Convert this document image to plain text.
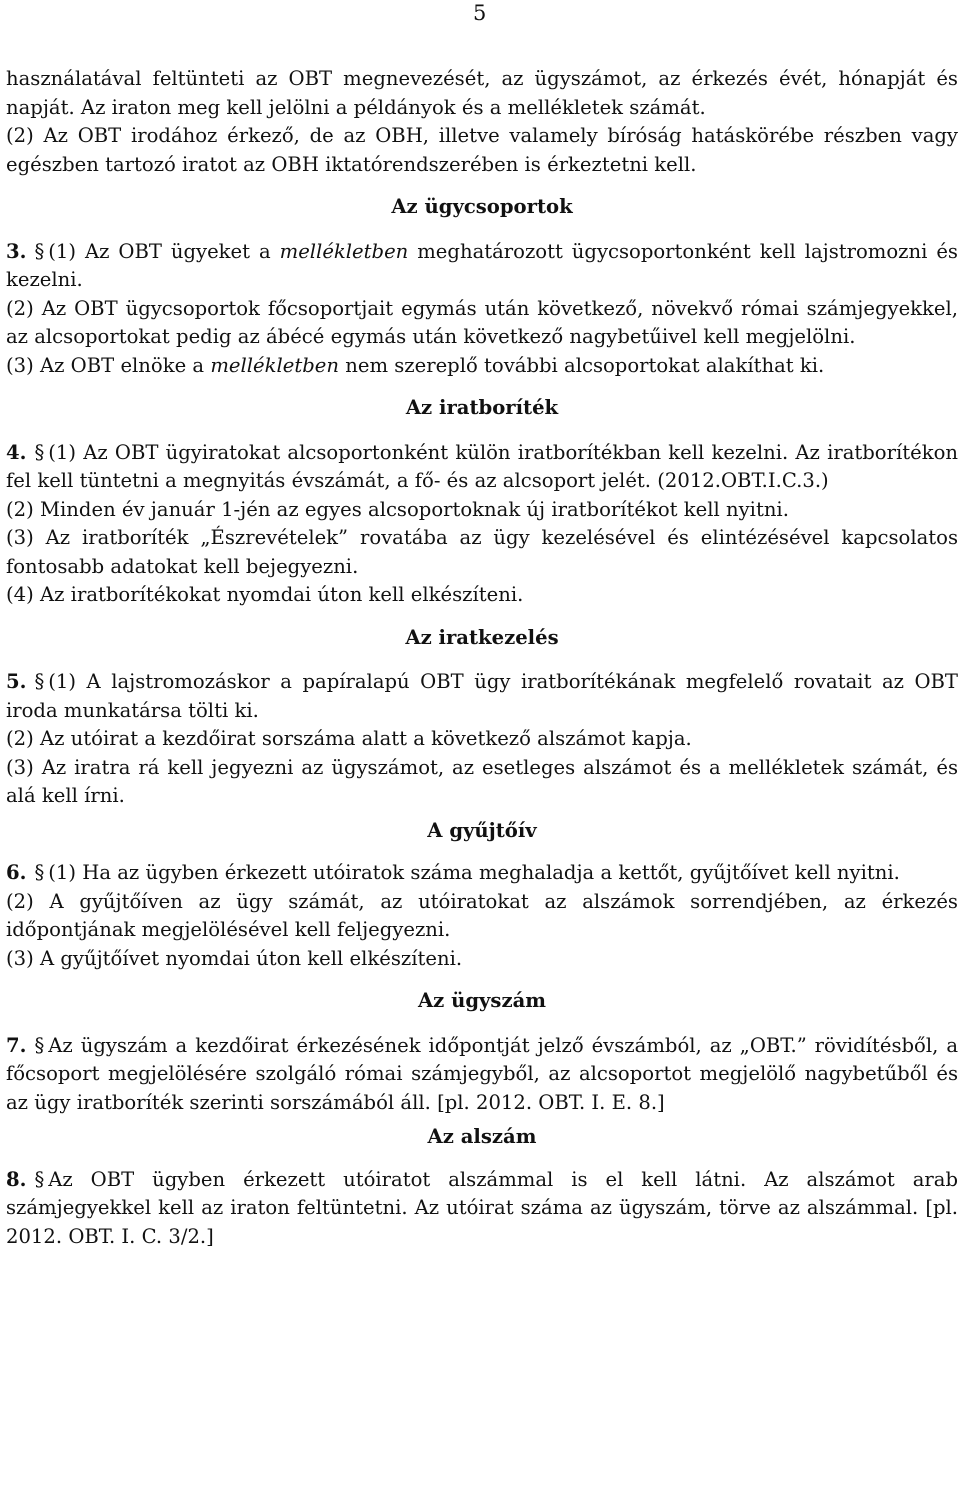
5

használatával feltünteti az OBT megnevezését, az ügyszámot, az érkezés évét, hónapját és napját. Az iraton meg kell jelölni a példányok és a mellékletek számát.

(2) Az OBT irodához érkező, de az OBH, illetve valamely bíróság hatáskörébe részben vagy egészben tartozó iratot az OBH iktatórendszerében is érkeztetni kell.

Az ügycsoportok

3. § (1) Az OBT ügyeket a mellékletben meghatározott ügycsoportonként kell lajstromozni és kezelni.

(2) Az OBT ügycsoportok főcsoportjait egymás után következő, növekvő római számjegyekkel, az alcsoportokat pedig az ábécé egymás után következő nagybetűivel kell megjelölni.

(3) Az OBT elnöke a mellékletben nem szereplő további alcsoportokat alakíthat ki.

Az iratboríték

4. § (1) Az OBT ügyiratokat alcsoportonként külön iratborítékban kell kezelni. Az iratborítékon fel kell tüntetni a megnyitás évszámát, a fő- és az alcsoport jelét. (2012.OBT.I.C.3.)

(2) Minden év január 1-jén az egyes alcsoportoknak új iratborítékot kell nyitni.

(3) Az iratboríték „Észrevételek” rovatába az ügy kezelésével és elintézésével kapcsolatos fontosabb adatokat kell bejegyezni.

(4) Az iratborítékokat nyomdai úton kell elkészíteni.

Az iratkezelés

5. § (1) A lajstromozáskor a papíralapú OBT ügy iratborítékának megfelelő rovatait az OBT iroda munkatársa tölti ki.

(2) Az utóirat a kezdőirat sorszáma alatt a következő alszámot kapja.

(3) Az iratra rá kell jegyezni az ügyszámot, az esetleges alszámot és a mellékletek számát, és alá kell írni.

A gyűjtőív

6. § (1) Ha az ügyben érkezett utóiratok száma meghaladja a kettőt, gyűjtőívet kell nyitni.

(2) A gyűjtőíven az ügy számát, az utóiratokat az alszámok sorrendjében, az érkezés időpontjának megjelölésével kell feljegyezni.

(3) A gyűjtőívet nyomdai úton kell elkészíteni.

Az ügyszám

7. § Az ügyszám a kezdőirat érkezésének időpontját jelző évszámból, az „OBT.” rövidítésből, a főcsoport megjelölésére szolgáló római számjegyből, az alcsoportot megjelölő nagybetűből és az ügy iratboríték szerinti sorszámából áll. [pl. 2012. OBT. I. E. 8.]

Az alszám

8. § Az OBT ügyben érkezett utóiratot alszámmal is el kell látni. Az alszámot arab számjegyekkel kell az iraton feltüntetni. Az utóirat száma az ügyszám, törve az alszámmal. [pl. 2012. OBT. I. C. 3/2.]
